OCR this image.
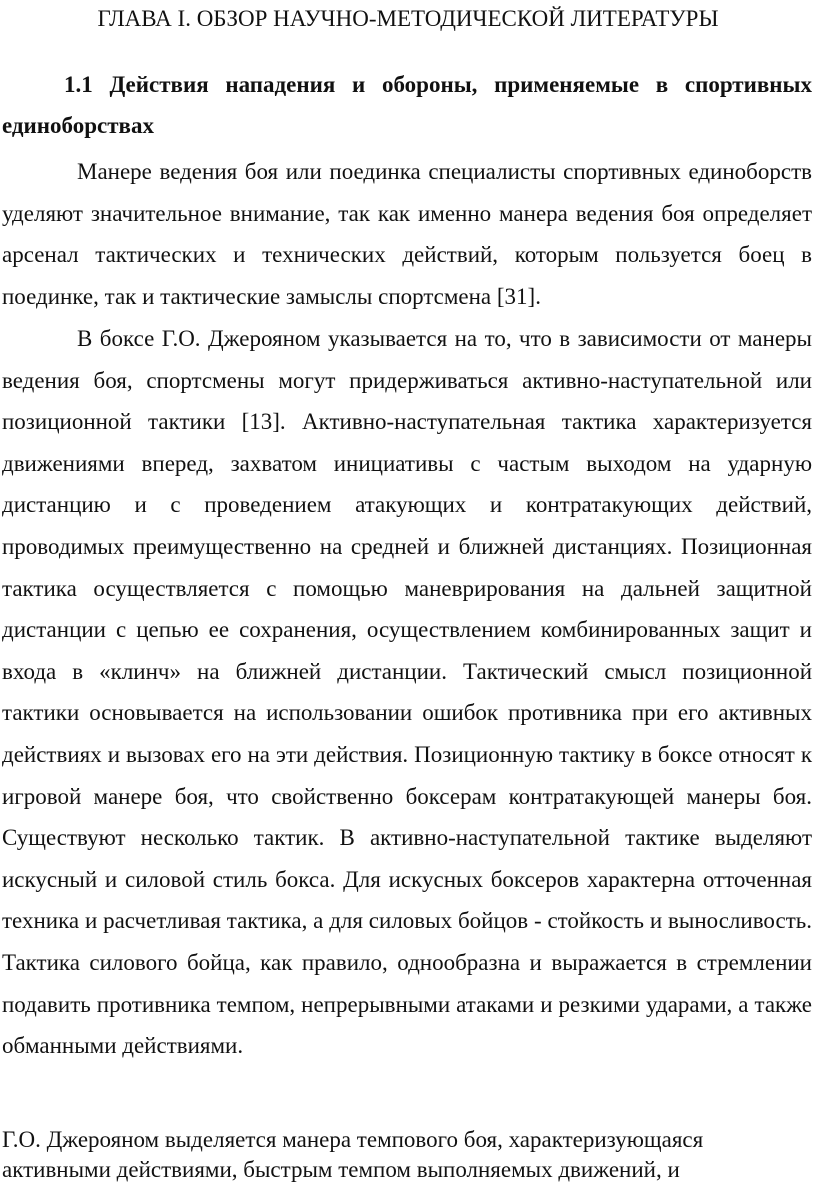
ГЛАВА I. ОБЗОР НАУЧНО-МЕТОДИЧЕСКОЙ ЛИТЕРАТУРЫ
1.1 Действия нападения и обороны, применяемые в спортивных единоборствах

Манере ведения боя или поединка специалисты спортивных единоборств уделяют значительное внимание, так как именно манера ведения боя определяет арсенал тактических и технических действий, которым пользуется боец в поединке, так и тактические замыслы спортсмена [31].

В боксе Г.О. Джерояном указывается на то, что в зависимости от манеры ведения боя, спортсмены могут придерживаться активно-наступательной или позиционной тактики [13]. Активно-наступательная тактика характеризуется движениями вперед, захватом инициативы с частым выходом на ударную дистанцию и с проведением атакующих и контратакующих действий, проводимых преимущественно на средней и ближней дистанциях. Позиционная тактика осуществляется с помощью маневрирования на дальней защитной дистанции с цепью ее сохранения, осуществлением комбинированных защит и входа в «клинч» на ближней дистанции. Тактический смысл позиционной тактики основывается на использовании ошибок противника при его активных действиях и вызовах его на эти действия. Позиционную тактику в боксе относят к игровой манере боя, что свойственно боксерам контратакующей манеры боя. Существуют несколько тактик. В активно-наступательной тактике выделяют искусный и силовой стиль бокса. Для искусных боксеров характерна отточенная техника и расчетливая тактика, а для силовых бойцов - стойкость и выносливость. Тактика силового бойца, как правило, однообразна и выражается в стремлении подавить противника темпом, непрерывными атаками и резкими ударами, а также обманными действиями.

Г.О. Джерояном выделяется манера темпового боя, характеризующаяся
активными действиями, быстрым темпом выполняемых движений, и
